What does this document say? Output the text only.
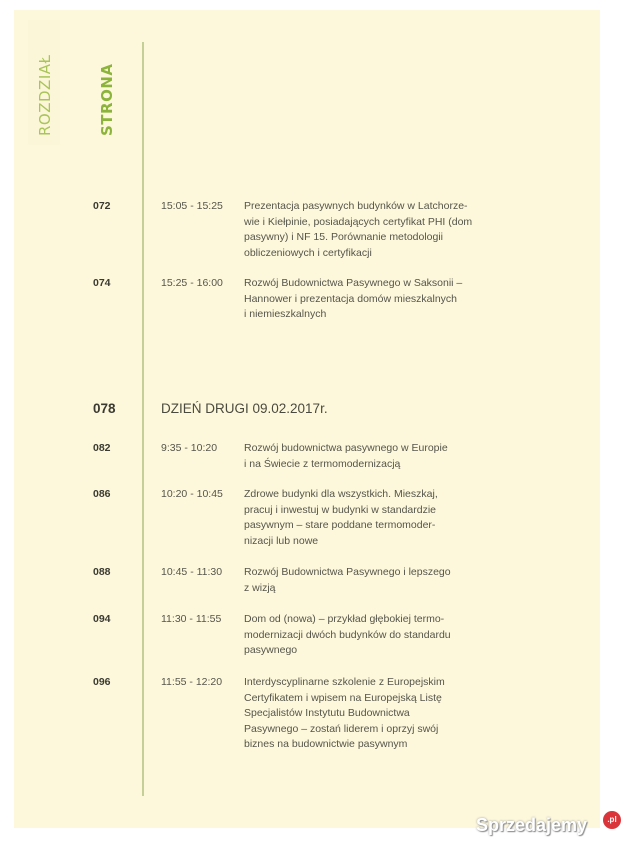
ROZDZIAŁ	STRONA
072	15:05 - 15:25 Prezentacja pasywnych budynków w Latchorze-
wie i Kiełpinie, posiadających certyfikat PHI (dom
pasywny) i NF 15. Porównanie metodologii
obliczeniowych i certyfikacji
074	15:25 - 16:00 Rozwój Budownictwa Pasywnego w Saksonii –
Hannower i prezentacja domów mieszkalnych
i niemieszkalnych
078	DZIEŃ DRUGI 09.02.2017r.
082	9:35 - 10:20	Rozwój budownictwa pasywnego w Europie
i na Świecie z termomodernizacją
086	10:20 - 10:45 Zdrowe budynki dla wszystkich. Mieszkaj,
pracuj i inwestuj w budynki w standardzie
pasywnym – stare poddane termomoder-
nizacji lub nowe
088	10:45 - 11:30 Rozwój Budownictwa Pasywnego i lepszego
z wizją
094	11:30 - 11:55 Dom od (nowa) – przykład głębokiej termo-
modernizacji dwóch budynków do standardu
pasywnego
096	11:55 - 12:20 Interdyscyplinarne szkolenie z Europejskim
Certyfikatem i wpisem na Europejską Listę
Specjalistów Instytutu Budownictwa
Pasywnego – zostań liderem i oprzyj swój
biznes na budownictwie pasywnym
Sprzedajemy	.pl
